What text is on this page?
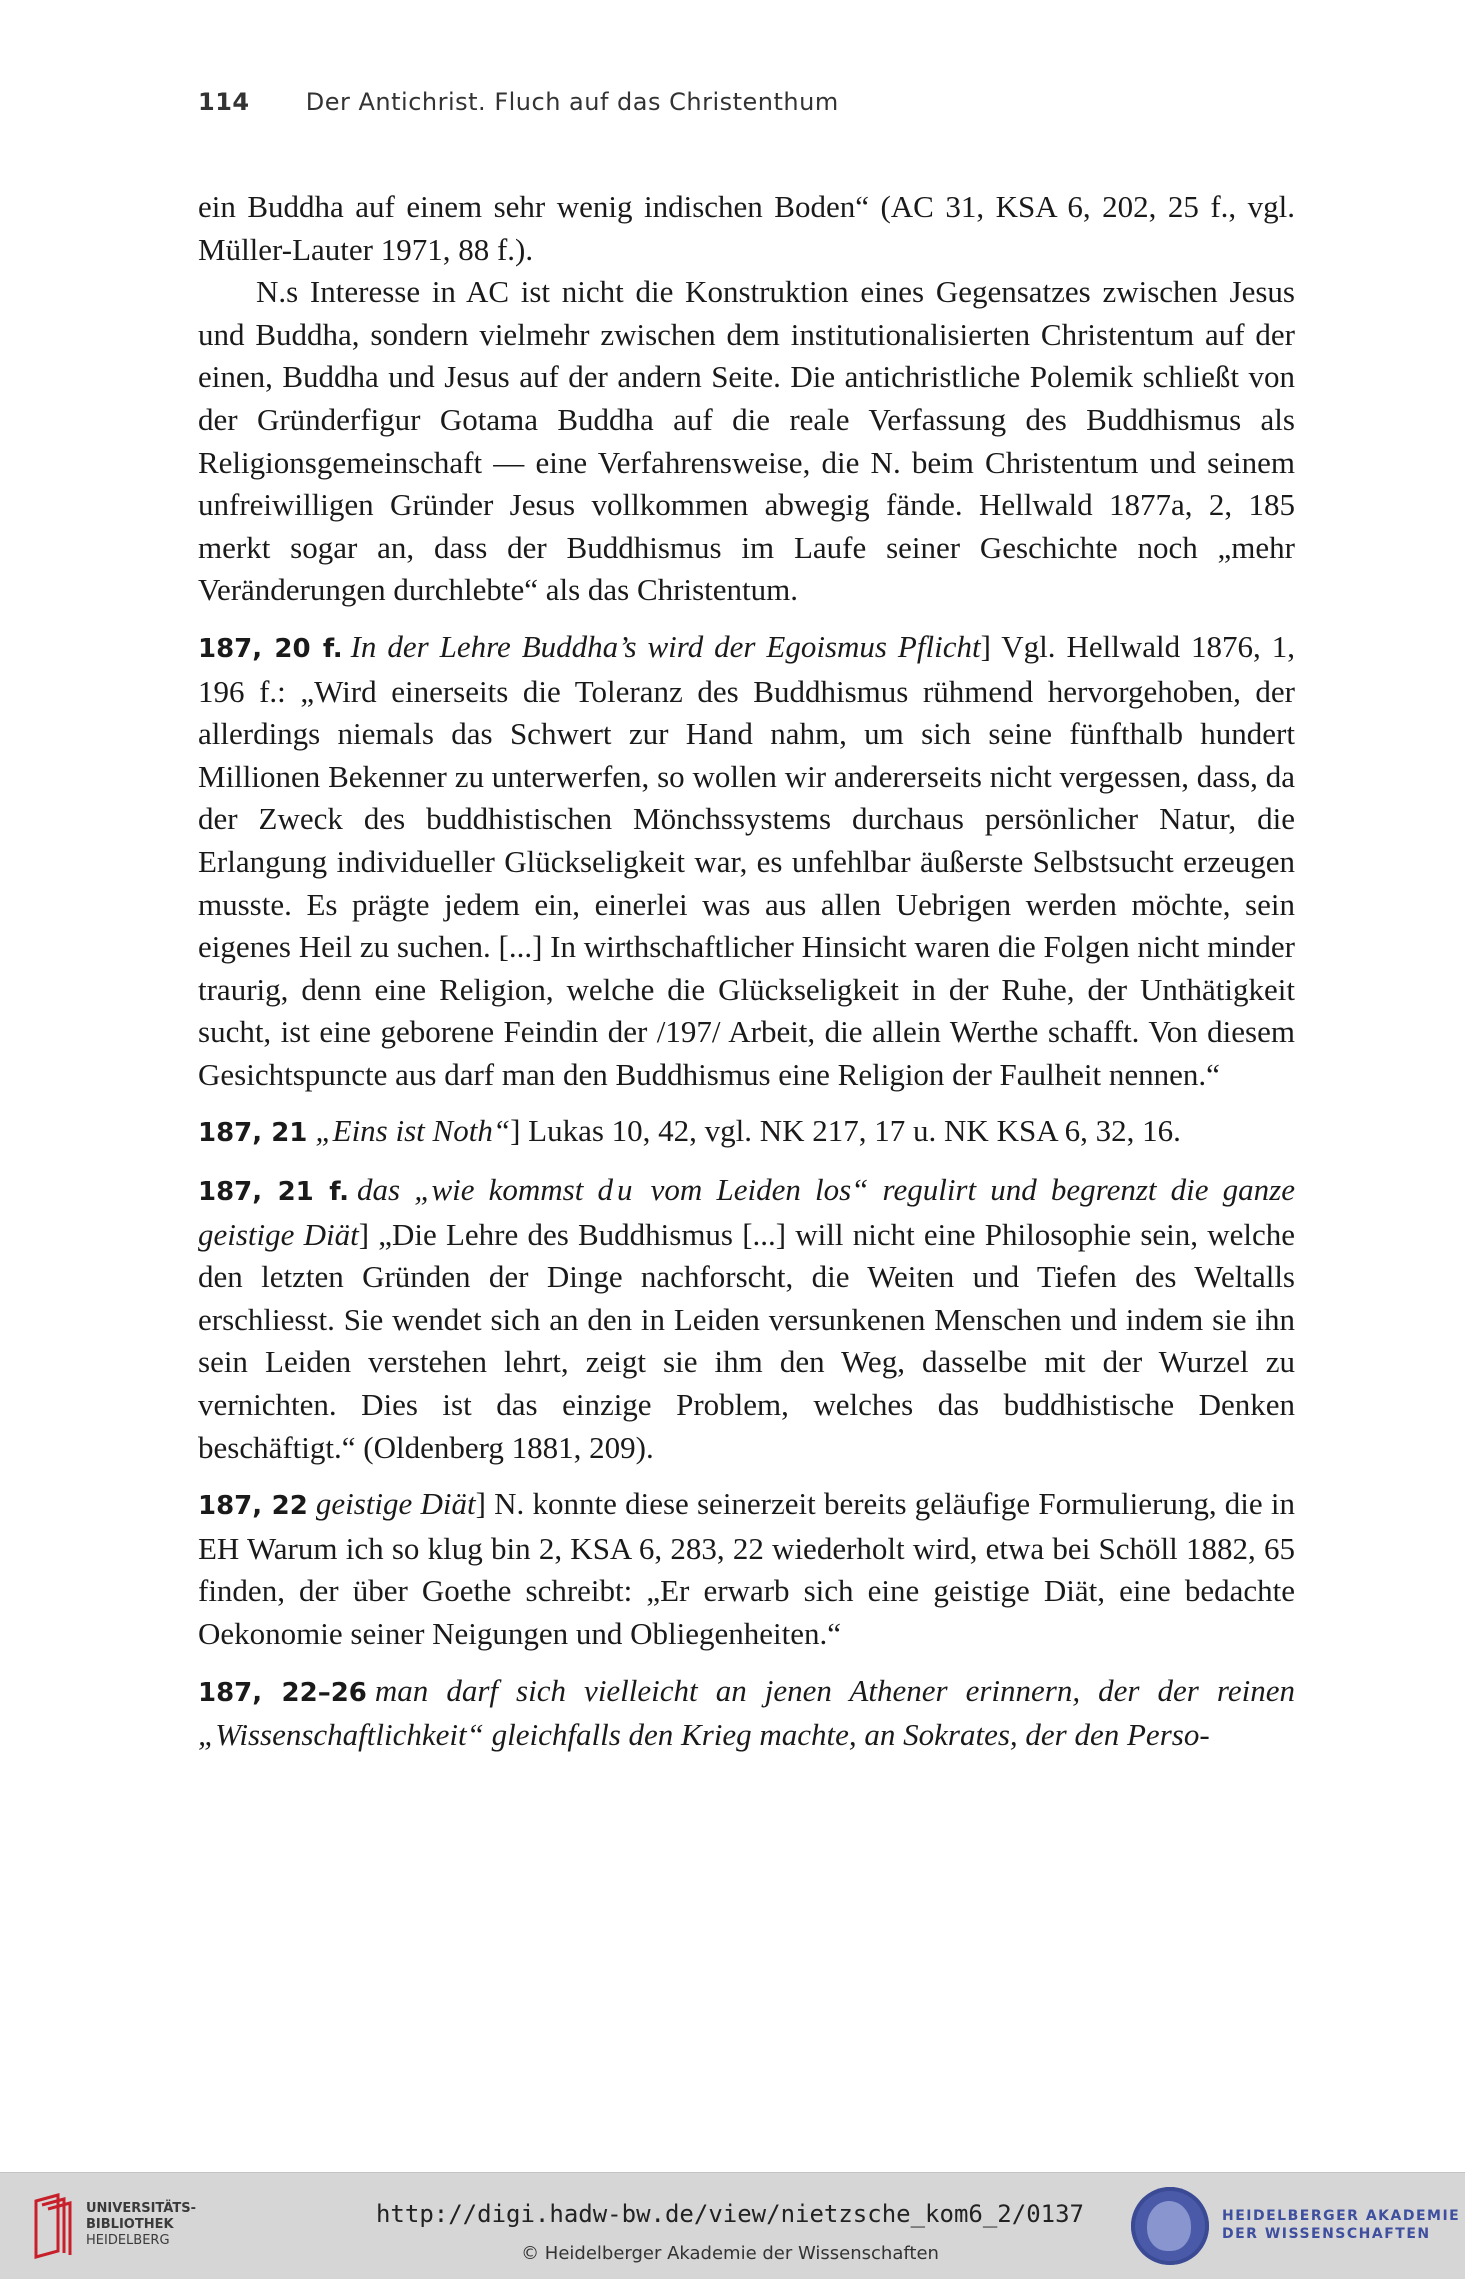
114 Der Antichrist. Fluch auf das Christenthum

ein Buddha auf einem sehr wenig indischen Boden“ (AC 31, KSA 6, 202, 25 f., vgl. Müller-Lauter 1971, 88 f.).

N.s Interesse in AC ist nicht die Konstruktion eines Gegensatzes zwischen Jesus und Buddha, sondern vielmehr zwischen dem institutionalisierten Christentum auf der einen, Buddha und Jesus auf der andern Seite. Die antichristliche Polemik schließt von der Gründerfigur Gotama Buddha auf die reale Verfassung des Buddhismus als Religionsgemeinschaft — eine Verfahrensweise, die N. beim Christentum und seinem unfreiwilligen Gründer Jesus vollkommen abwegig fände. Hellwald 1877a, 2, 185 merkt sogar an, dass der Buddhismus im Laufe seiner Geschichte noch „mehr Veränderungen durchlebte“ als das Christentum.

187, 20 f. In der Lehre Buddha’s wird der Egoismus Pflicht] Vgl. Hellwald 1876, 1, 196 f.: „Wird einerseits die Toleranz des Buddhismus rühmend hervorgehoben, der allerdings niemals das Schwert zur Hand nahm, um sich seine fünfthalb hundert Millionen Bekenner zu unterwerfen, so wollen wir andererseits nicht vergessen, dass, da der Zweck des buddhistischen Mönchssystems durchaus persönlicher Natur, die Erlangung individueller Glückseligkeit war, es unfehlbar äußerste Selbstsucht erzeugen musste. Es prägte jedem ein, einerlei was aus allen Uebrigen werden möchte, sein eigenes Heil zu suchen. [...] In wirthschaftlicher Hinsicht waren die Folgen nicht minder traurig, denn eine Religion, welche die Glückseligkeit in der Ruhe, der Unthätigkeit sucht, ist eine geborene Feindin der /197/ Arbeit, die allein Werthe schafft. Von diesem Gesichtspuncte aus darf man den Buddhismus eine Religion der Faulheit nennen.“

187, 21 „Eins ist Noth“] Lukas 10, 42, vgl. NK 217, 17 u. NK KSA 6, 32, 16.

187, 21 f. das „wie kommst du vom Leiden los“ regulirt und begrenzt die ganze geistige Diät] „Die Lehre des Buddhismus [...] will nicht eine Philosophie sein, welche den letzten Gründen der Dinge nachforscht, die Weiten und Tiefen des Weltalls erschliesst. Sie wendet sich an den in Leiden versunkenen Menschen und indem sie ihn sein Leiden verstehen lehrt, zeigt sie ihm den Weg, dasselbe mit der Wurzel zu vernichten. Dies ist das einzige Problem, welches das buddhistische Denken beschäftigt.“ (Oldenberg 1881, 209).

187, 22 geistige Diät] N. konnte diese seinerzeit bereits geläufige Formulierung, die in EH Warum ich so klug bin 2, KSA 6, 283, 22 wiederholt wird, etwa bei Schöll 1882, 65 finden, der über Goethe schreibt: „Er erwarb sich eine geistige Diät, eine bedachte Oekonomie seiner Neigungen und Obliegenheiten.“

187, 22–26 man darf sich vielleicht an jenen Athener erinnern, der der reinen „Wissenschaftlichkeit“ gleichfalls den Krieg machte, an Sokrates, der den Perso-

UNIVERSITÄTS-
BIBLIOTHEK
HEIDELBERG
http://digi.hadw-bw.de/view/nietzsche_kom6_2/0137
© Heidelberger Akademie der Wissenschaften
HEIDELBERGER AKADEMIE
DER WISSENSCHAFTEN
